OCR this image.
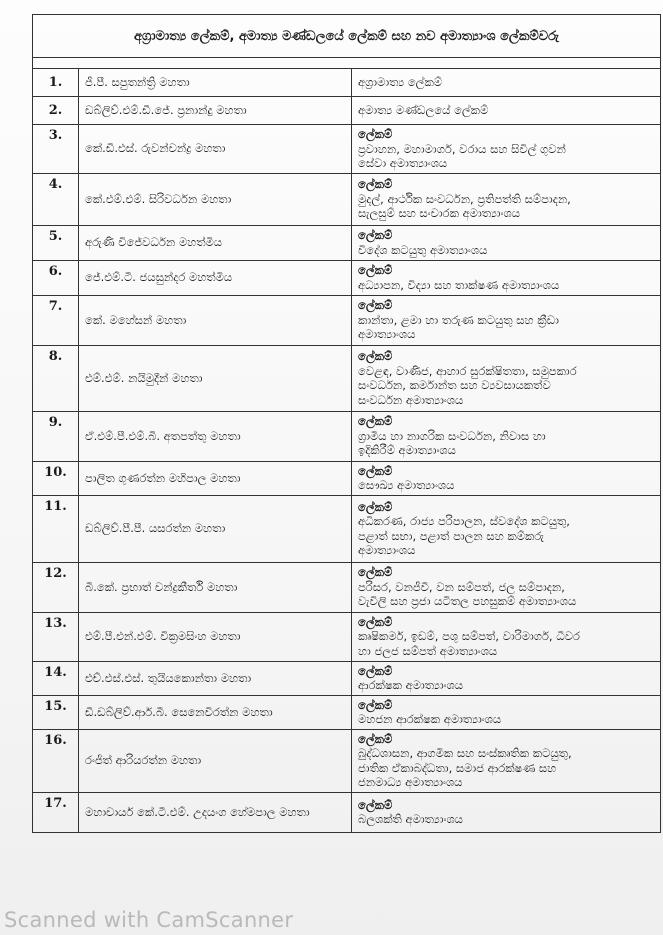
අග්‍රාමාත්‍ය ලේකම්, අමාත්‍ය මණ්ඩලයේ ලේකම් සහ නව අමාත්‍යාංශ ලේකම්වරු		

1.	ජී.පී. සපුතන්ත්‍රි මහතා	අග්‍රාමාත්‍ය ලේකම්

2.	ඩබ්ලිව්.එම්.ඩී.ජේ. ප්‍රනාන්දු මහතා	අමාත්‍ය මණ්ඩලයේ ලේකම්

3.	කේ.ඩී.එස්. රුවන්චන්ද්‍ර මහතා	ලේකම්
ප්‍රවාහන, මහාමාර්ග, වරාය සහ සිවිල් ගුවන්
සේවා අමාත්‍යාංශය

4.	කේ.එම්.එම්. සිරිවර්ධන මහතා	ලේකම්
මුදල්, ආර්ථික සංවර්ධන, ප්‍රතිපත්ති සම්පාදන,
සැලසුම් සහ සංචාරක අමාත්‍යාංශය

5.	අරුණි විජේවර්ධන මහත්මිය	ලේකම්
විදේශ කටයුතු අමාත්‍යාංශය

6.	ජේ.එම්.ටී. ජයසුන්දර මහත්මිය	ලේකම්
අධ්‍යාපන, විද්‍යා සහ තාක්ෂණ අමාත්‍යාංශය

7.	කේ. මහේසන් මහතා	ලේකම්
කාන්තා, ළමා හා තරුණ කටයුතු සහ ක්‍රීඩා
අමාත්‍යාංශය

8.	එම්.එම්. නයිමුදීන් මහතා	ලේකම්
වෙළඳ, වාණිජ, ආහාර සුරක්ෂිතතා, සමුපකාර
සංවර්ධන, කර්මාන්ත සහ ව්‍යවසායකත්ව
සංවර්ධන අමාත්‍යාංශය

9.	ඒ.එම්.පී.එම්.බී. අතපත්තු මහතා	ලේකම්
ග්‍රාමීය හා නාගරික සංවර්ධන, නිවාස හා
ඉදිකිරීම් අමාත්‍යාංශය

10.	පාලිත ගුණරත්න මහිපාල මහතා	ලේකම්
සෞඛ්‍ය අමාත්‍යාංශය

11.	ඩබ්ලිව්.පී.පී. යසරත්න මහතා	ලේකම්
අධිකරණ, රාජ්‍ය පරිපාලන, ස්වදේශ කටයුතු,
පළාත් සභා, පළාත් පාලන සහ කම්කරු
අමාත්‍යාංශය

12.	බී.කේ. ප්‍රභාත් චන්ද්‍රකීර්ති මහතා	ලේකම්
පරිසර, වනජීවී, වන සම්පත්, ජල සම්පාදන,
වැවිලි සහ ප්‍රජා යටිතල පහසුකම් අමාත්‍යාංශය

13.	එම්.පී.එන්.එම්. වික්‍රමසිංහ මහතා	ලේකම්
කෘෂිකර්ම, ඉඩම්, පශු සම්පත්, වාරිමාර්ග, ධීවර
හා ජලජ සම්පත් අමාත්‍යාංශය

14.	එච්.එස්.එස්. තුයියකොන්තා මහතා	ලේකම්
ආරක්ෂක අමාත්‍යාංශය

15.	ඩී.ඩබ්ලිව්.ආර්.බී. සෙනෙවිරත්න මහතා	ලේකම්
මහජන ආරක්ෂක අමාත්‍යාංශය

16.	රංජිත් ආරියරත්න මහතා	ලේකම්
බුද්ධශාසන, ආගමික සහ සංස්කෘතික කටයුතු,
ජාතික ඒකාබද්ධතා, සමාජ ආරක්ෂණ සහ
ජනමාධ්‍ය අමාත්‍යාංශය

17.	මහාචාර්ය කේ.ටී.එම්. උදයංග හේමපාල මහතා	ලේකම්
බලශක්ති අමාත්‍යාංශය
Scanned with CamScanner
